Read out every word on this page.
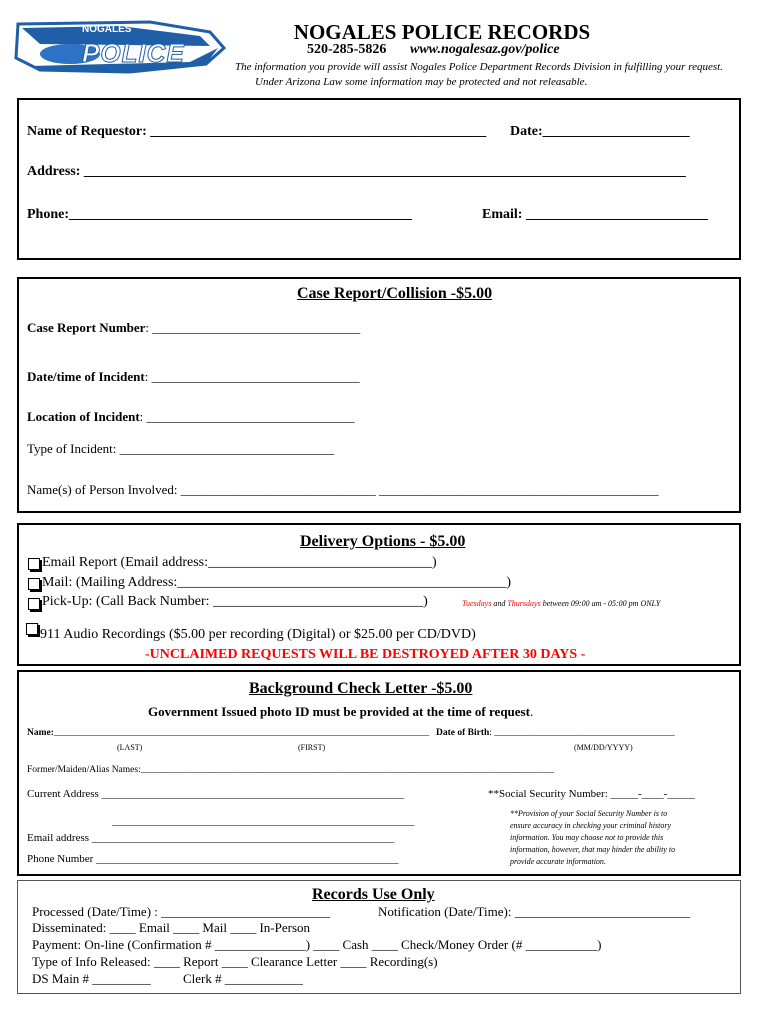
NOGALES
POLICE
NOGALES POLICE RECORDS
520-285-5826 www.nogalesaz.gov/police
The information you provide will assist Nogales Police Department Records Division in fulfilling your request.
Under Arizona Law some information may be protected and not releasable.
Name of Requestor: ________________________________________________ Date:_____________________
Address: ______________________________________________________________________________________
Phone:_________________________________________________	Email: __________________________
Case Report/Collision -$5.00
Case Report Number: ________________________________
Date/time of Incident: ________________________________
Location of Incident: ________________________________
Type of Incident: _________________________________
Name(s) of Person Involved: ______________________________ ___________________________________________
Delivery Options - $5.00
Email Report (Email address:________________________________)
Mail: (Mailing Address:_______________________________________________)
Pick-Up: (Call Back Number: ______________________________)	Tuesdays and Thursdays between 09:00 am - 05:00 pm ONLY
911 Audio Recordings ($5.00 per recording (Digital) or $25.00 per CD/DVD)
-UNCLAIMED REQUESTS WILL BE DESTROYED AFTER 30 DAYS -
Background Check Letter -$5.00
Government Issued photo ID must be provided at the time of request.
Name:_______________________________________________________________________________ Date of Birth: ______________________________________
(LAST)	(FIRST)	(MM/DD/YYYY)
Former/Maiden/Alias Names:_______________________________________________________________________________________
Current Address _______________________________________________________
_______________________________________________________
Email address _______________________________________________________
Phone Number _______________________________________________________
**Social Security Number: _____-____-_____
**Provision of your Social Security Number is to
ensure accuracy in checking your criminal history
information. You may choose not to provide this
information, however, that may hinder the ability to
provide accurate information.
Records Use Only
Processed (Date/Time) : __________________________	Notification (Date/Time): ___________________________
Disseminated: ____ Email ____ Mail ____ In-Person
Payment: On-line (Confirmation # ______________) ____ Cash ____ Check/Money Order (# ___________)
Type of Info Released: ____ Report ____ Clearance Letter ____ Recording(s)
DS Main # _________ Clerk # ____________
